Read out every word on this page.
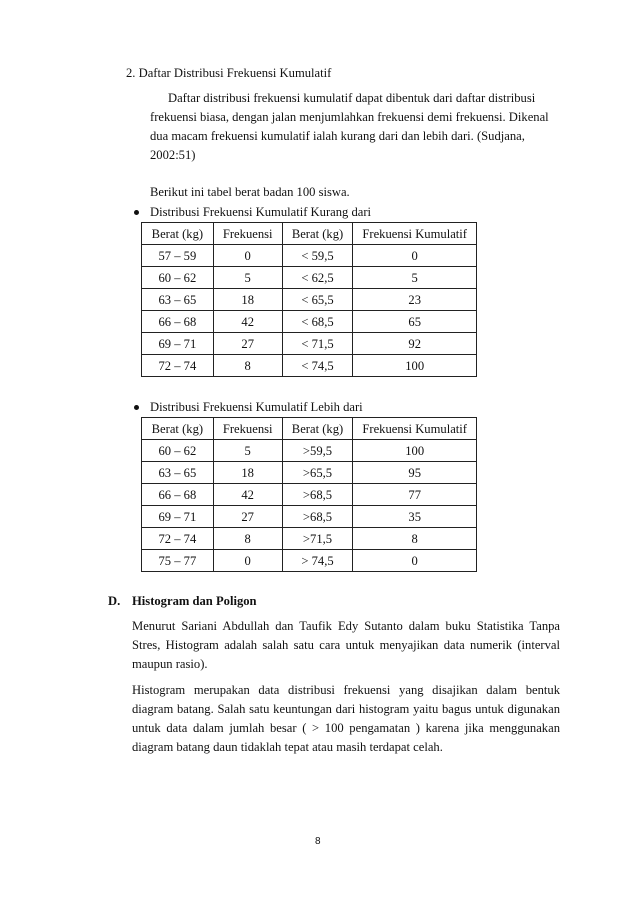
2. Daftar Distribusi Frekuensi Kumulatif
Daftar distribusi frekuensi kumulatif dapat dibentuk dari daftar distribusi
frekuensi biasa, dengan jalan menjumlahkan frekuensi demi frekuensi. Dikenal
dua macam frekuensi kumulatif ialah kurang dari dan lebih dari. (Sudjana,
2002:51)
Berikut ini tabel berat badan 100 siswa.
Distribusi Frekuensi Kumulatif Kurang dari
Berat (kg)	Frekuensi	Berat (kg)	Frekuensi Kumulatif
57 – 59	0	< 59,5	0
60 – 62	5	< 62,5	5
63 – 65	18	< 65,5	23
66 – 68	42	< 68,5	65
69 – 71	27	< 71,5	92
72 – 74	8	< 74,5	100
Distribusi Frekuensi Kumulatif Lebih dari
Berat (kg)	Frekuensi	Berat (kg)	Frekuensi Kumulatif
60 – 62	5	>59,5	100
63 – 65	18	>65,5	95
66 – 68	42	>68,5	77
69 – 71	27	>68,5	35
72 – 74	8	>71,5	8
75 – 77	0	> 74,5	0
D. Histogram dan Poligon
Menurut Sariani Abdullah dan Taufik Edy Sutanto dalam buku Statistika Tanpa
Stres, Histogram adalah salah satu cara untuk menyajikan data numerik (interval
maupun rasio).
Histogram merupakan data distribusi frekuensi yang disajikan dalam bentuk
diagram batang. Salah satu keuntungan dari histogram yaitu bagus untuk digunakan
untuk data dalam jumlah besar ( > 100 pengamatan ) karena jika menggunakan
diagram batang daun tidaklah tepat atau masih terdapat celah.
8
